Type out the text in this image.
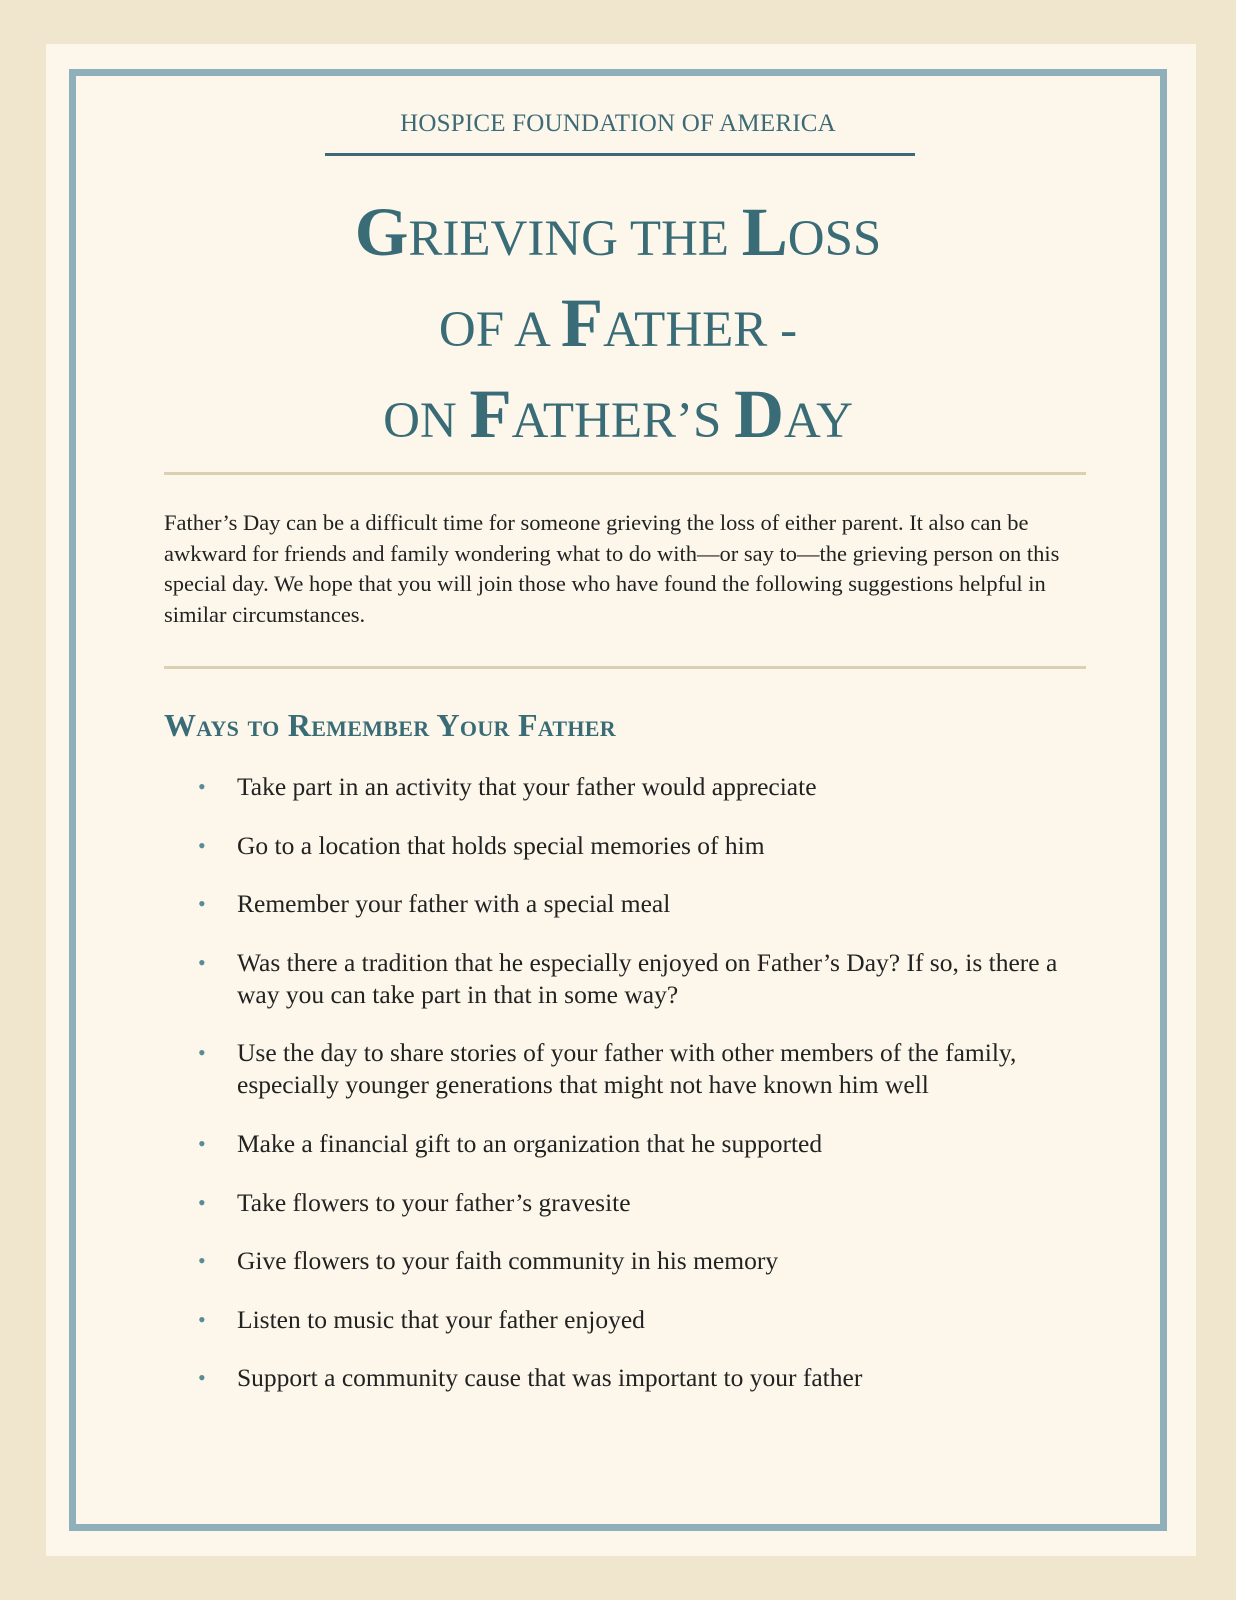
HOSPICE FOUNDATION OF AMERICA
GRIEVING THE LOSS
OF A FATHER -
ON FATHER’S DAY

Father’s Day can be a difficult time for someone grieving the loss of either parent. It also can be awkward for friends and family wondering what to do with—or say to—the grieving person on this special day. We hope that you will join those who have found the following suggestions helpful in similar circumstances.

Ways to Remember Your Father
• Take part in an activity that your father would appreciate
• Go to a location that holds special memories of him
• Remember your father with a special meal
• Was there a tradition that he especially enjoyed on Father’s Day? If so, is there a way you can take part in that in some way?
• Use the day to share stories of your father with other members of the family, especially younger generations that might not have known him well
• Make a financial gift to an organization that he supported
• Take flowers to your father’s gravesite
• Give flowers to your faith community in his memory
• Listen to music that your father enjoyed
• Support a community cause that was important to your father
